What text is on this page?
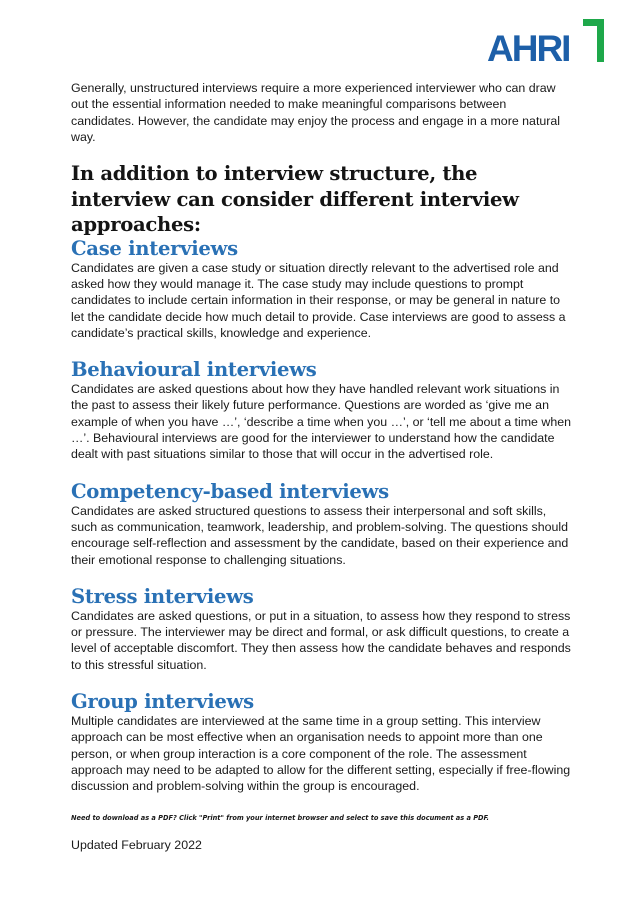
AHRI

Generally, unstructured interviews require a more experienced interviewer who can draw out the essential information needed to make meaningful comparisons between candidates. However, the candidate may enjoy the process and engage in a more natural way.

In addition to interview structure, the interview can consider different interview approaches:
Case interviews

Candidates are given a case study or situation directly relevant to the advertised role and asked how they would manage it. The case study may include questions to prompt candidates to include certain information in their response, or may be general in nature to let the candidate decide how much detail to provide. Case interviews are good to assess a candidate’s practical skills, knowledge and experience.

Behavioural interviews

Candidates are asked questions about how they have handled relevant work situations in the past to assess their likely future performance. Questions are worded as ‘give me an example of when you have …’, ‘describe a time when you …’, or ‘tell me about a time when …’. Behavioural interviews are good for the interviewer to understand how the candidate dealt with past situations similar to those that will occur in the advertised role.

Competency-based interviews

Candidates are asked structured questions to assess their interpersonal and soft skills, such as communication, teamwork, leadership, and problem-solving. The questions should encourage self-reflection and assessment by the candidate, based on their experience and their emotional response to challenging situations.

Stress interviews

Candidates are asked questions, or put in a situation, to assess how they respond to stress or pressure. The interviewer may be direct and formal, or ask difficult questions, to create a level of acceptable discomfort. They then assess how the candidate behaves and responds to this stressful situation.

Group interviews

Multiple candidates are interviewed at the same time in a group setting. This interview approach can be most effective when an organisation needs to appoint more than one person, or when group interaction is a core component of the role. The assessment approach may need to be adapted to allow for the different setting, especially if free-flowing discussion and problem-solving within the group is encouraged.

Need to download as a PDF? Click "Print" from your internet browser and select to save this document as a PDF.

Updated February 2022
